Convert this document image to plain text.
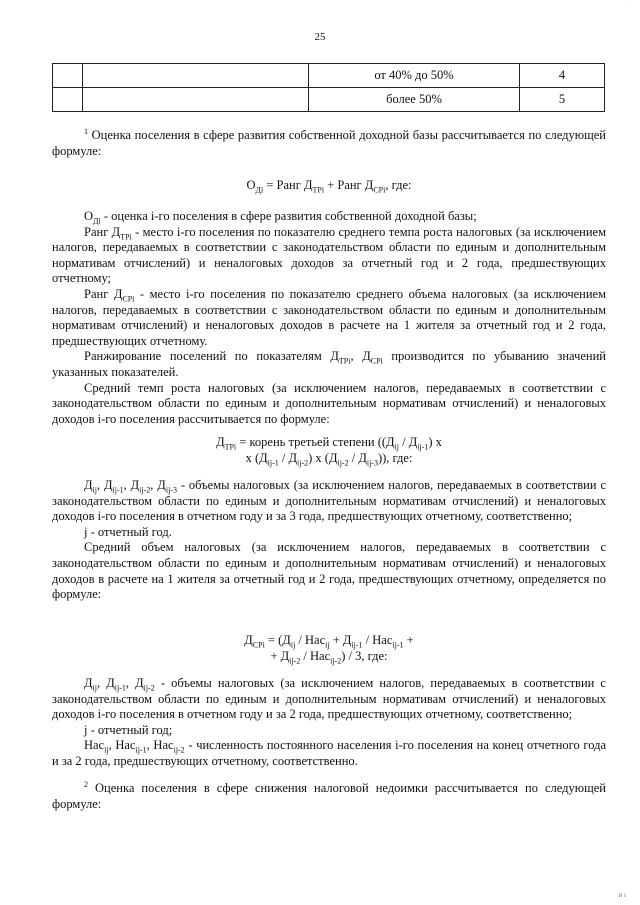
· ·
25
		от 40% до 50%	4
		более 50%	5

$^1$ Оценка поселения в сфере развития собственной доходной базы рассчитывается по следующей формуле:

$О_{Дi}$ = Ранг $Д_{TPi}$ + Ранг $Д_{CPi}$, где:

$О_{Дi}$ - оценка i-го поселения в сфере развития собственной доходной базы;

Ранг $Д_{TPi}$ - место i-го поселения по показателю среднего темпа роста налоговых (за исключением налогов, передаваемых в соответствии с законодательством области по единым и дополнительным нормативам отчислений) и неналоговых доходов за отчетный год и 2 года, предшествующих отчетному;

Ранг $Д_{CPi}$ - место i-го поселения по показателю среднего объема налоговых (за исключением налогов, передаваемых в соответствии с законодательством области по единым и дополнительным нормативам отчислений) и неналоговых доходов в расчете на 1 жителя за отчетный год и 2 года, предшествующих отчетному.

Ранжирование поселений по показателям $Д_{TPi}$, $Д_{CPi}$ производится по убыванию значений указанных показателей.

Средний темп роста налоговых (за исключением налогов, передаваемых в соответствии с законодательством области по единым и дополнительным нормативам отчислений) и неналоговых доходов i-го поселения рассчитывается по формуле:

$Д_{TPi}$ = корень третьей степени ($(Д_{ij} / Д_{ij-1})$ x

x $(Д_{ij-1} / Д_{ij-2})$ x $(Д_{ij-2} / Д_{ij-3})$), где:

$Д_{ij}$, $Д_{ij-1}$, $Д_{ij-2}$, $Д_{ij-3}$ - объемы налоговых (за исключением налогов, передаваемых в соответствии с законодательством области по единым и дополнительным нормативам отчислений) и неналоговых доходов i-го поселения в отчетном году и за 3 года, предшествующих отчетному, соответственно;

j - отчетный год.

Средний объем налоговых (за исключением налогов, передаваемых в соответствии с законодательством области по единым и дополнительным нормативам отчислений) и неналоговых доходов в расчете на 1 жителя за отчетный год и 2 года, предшествующих отчетному, определяется по формуле:

$Д_{CPi} = (Д_{ij} / Нас_{ij} + Д_{ij-1} / Нас_{ij-1}$ +

+ $Д_{ij-2} / Нас_{ij-2}) / 3$, где:

$Д_{ij}$, $Д_{ij-1}$, $Д_{ij-2}$ - объемы налоговых (за исключением налогов, передаваемых в соответствии с законодательством области по единым и дополнительным нормативам отчислений) и неналоговых доходов i-го поселения в отчетном году и за 2 года, предшествующих отчетному, соответственно;

j - отчетный год;

Нас$_{ij}$, Нас$_{ij-1}$, Нас$_{ij-2}$ - численность постоянного населения i-го поселения на конец отчетного года и за 2 года, предшествующих отчетному, соответственно.

$^2$ Оценка поселения в сфере снижения налоговой недоимки рассчитывается по следующей формуле:

и ı
